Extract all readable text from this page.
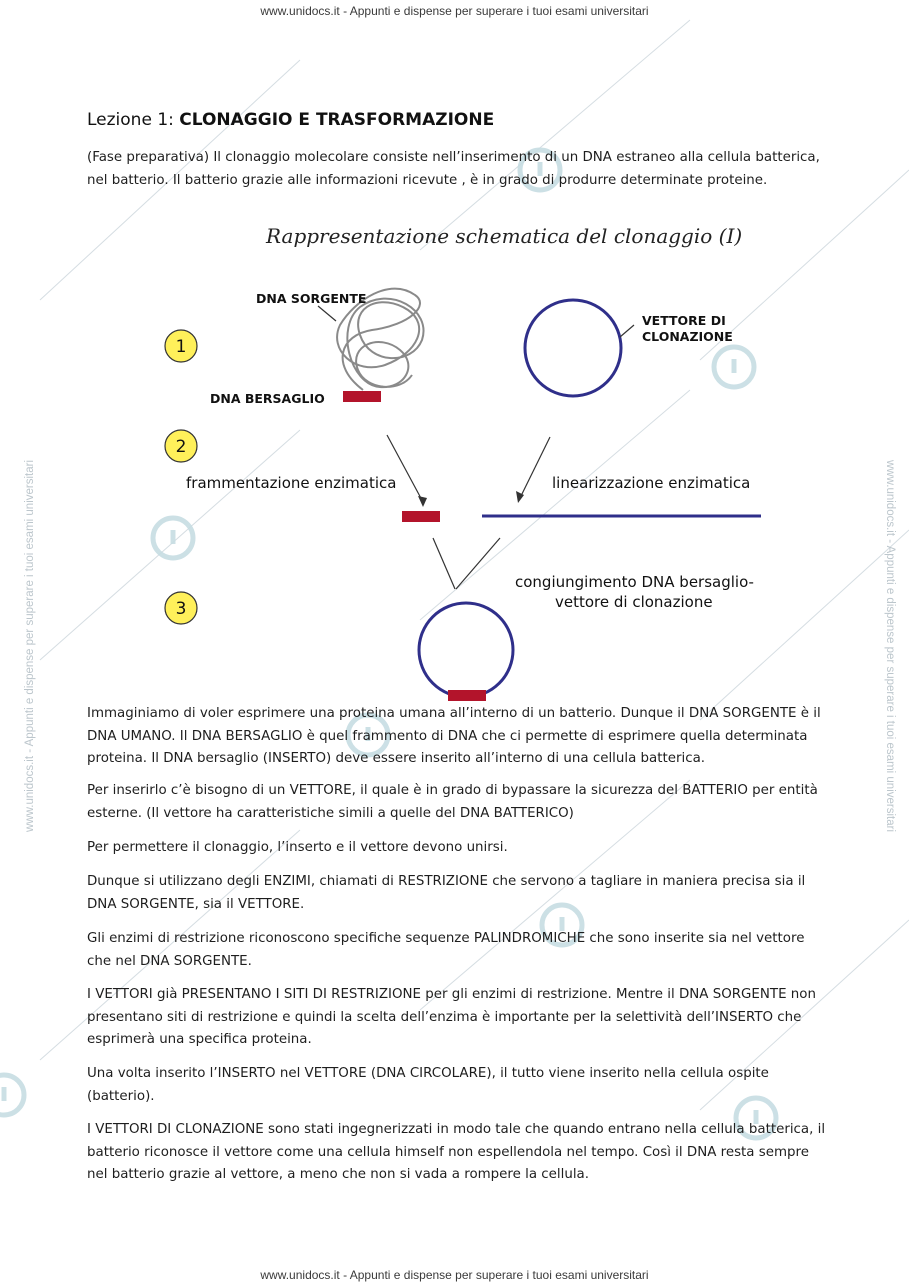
www.unidocs.it - Appunti e dispense per superare i tuoi esami universitari
www.unidocs.it - Appunti e dispense per superare i tuoi esami universitari
www.unidocs.it - Appunti e dispense per superare i tuoi esami universitari	www.unidocs.it - Appunti e dispense per superare i tuoi esami universitari
Lezione 1: CLONAGGIO E TRASFORMAZIONE

(Fase preparativa) Il clonaggio molecolare consiste nell’inserimento di un DNA estraneo alla cellula batterica, nel batterio. Il batterio grazie alle informazioni ricevute , è in grado di produrre determinate proteine.

Rappresentazione schematica del clonaggio (I)
1
2
3
DNA SORGENTE
DNA BERSAGLIO
VETTORE DI
CLONAZIONE
frammentazione enzimatica	linearizzazione enzimatica
congiungimento DNA bersaglio-
vettore di clonazione

Immaginiamo di voler esprimere una proteina umana all’interno di un batterio. Dunque il DNA SORGENTE è il DNA UMANO. Il DNA BERSAGLIO è quel frammento di DNA che ci permette di esprimere quella determinata proteina. Il DNA bersaglio (INSERTO) deve essere inserito all’interno di una cellula batterica.

Per inserirlo c’è bisogno di un VETTORE, il quale è in grado di bypassare la sicurezza del BATTERIO per entità esterne. (Il vettore ha caratteristiche simili a quelle del DNA BATTERICO)

Per permettere il clonaggio, l’inserto e il vettore devono unirsi.

Dunque si utilizzano degli ENZIMI, chiamati di RESTRIZIONE che servono a tagliare in maniera precisa sia il DNA SORGENTE, sia il VETTORE.

Gli enzimi di restrizione riconoscono specifiche sequenze PALINDROMICHE che sono inserite sia nel vettore che nel DNA SORGENTE.

I VETTORI già PRESENTANO I SITI DI RESTRIZIONE per gli enzimi di restrizione. Mentre il DNA SORGENTE non presentano siti di restrizione e quindi la scelta dell’enzima è importante per la selettività dell’INSERTO che esprimerà una specifica proteina.

Una volta inserito l’INSERTO nel VETTORE (DNA CIRCOLARE), il tutto viene inserito nella cellula ospite (batterio).

I VETTORI DI CLONAZIONE sono stati ingegnerizzati in modo tale che quando entrano nella cellula batterica, il batterio riconosce il vettore come una cellula himself non espellendola nel tempo. Così il DNA resta sempre nel batterio grazie al vettore, a meno che non si vada a rompere la cellula.
